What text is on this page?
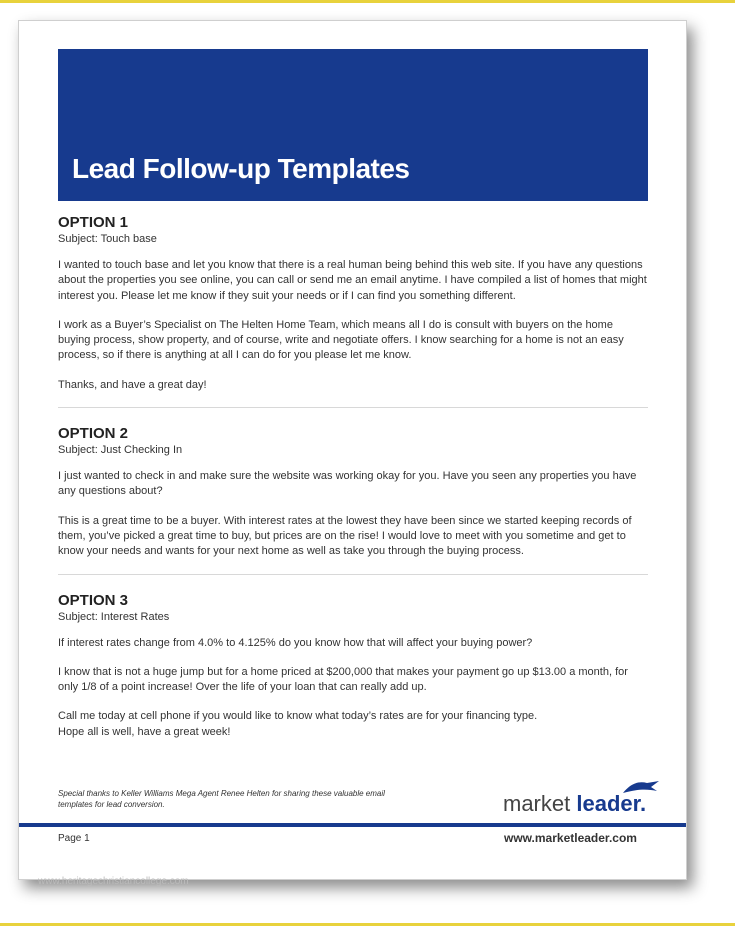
Lead Follow-up Templates

OPTION 1

Subject: Touch base

I wanted to touch base and let you know that there is a real human being behind this web site. If you have any questions about the properties you see online, you can call or send me an email anytime. I have compiled a list of homes that might interest you. Please let me know if they suit your needs or if I can find you something different.

I work as a Buyer’s Specialist on The Helten Home Team, which means all I do is consult with buyers on the home buying process, show property, and of course, write and negotiate offers. I know searching for a home is not an easy process, so if there is anything at all I can do for you please let me know.

Thanks, and have a great day!

OPTION 2

Subject: Just Checking In

I just wanted to check in and make sure the website was working okay for you. Have you seen any properties you have any questions about?

This is a great time to be a buyer. With interest rates at the lowest they have been since we started keeping records of them, you’ve picked a great time to buy, but prices are on the rise! I would love to meet with you sometime and get to know your needs and wants for your next home as well as take you through the buying process.

OPTION 3

Subject: Interest Rates

If interest rates change from 4.0% to 4.125% do you know how that will affect your buying power?

I know that is not a huge jump but for a home priced at $200,000 that makes your payment go up $13.00 a month, for only 1/8 of a point increase! Over the life of your loan that can really add up.

Call me today at cell phone if you would like to know what today’s rates are for your financing type.

Hope all is well, have a great week!

Special thanks to Keller Williams Mega Agent Renee Helten for sharing these valuable email templates for lead conversion.	market leader.
Page 1	www.marketleader.com
www.heritagechristiancollege.com
